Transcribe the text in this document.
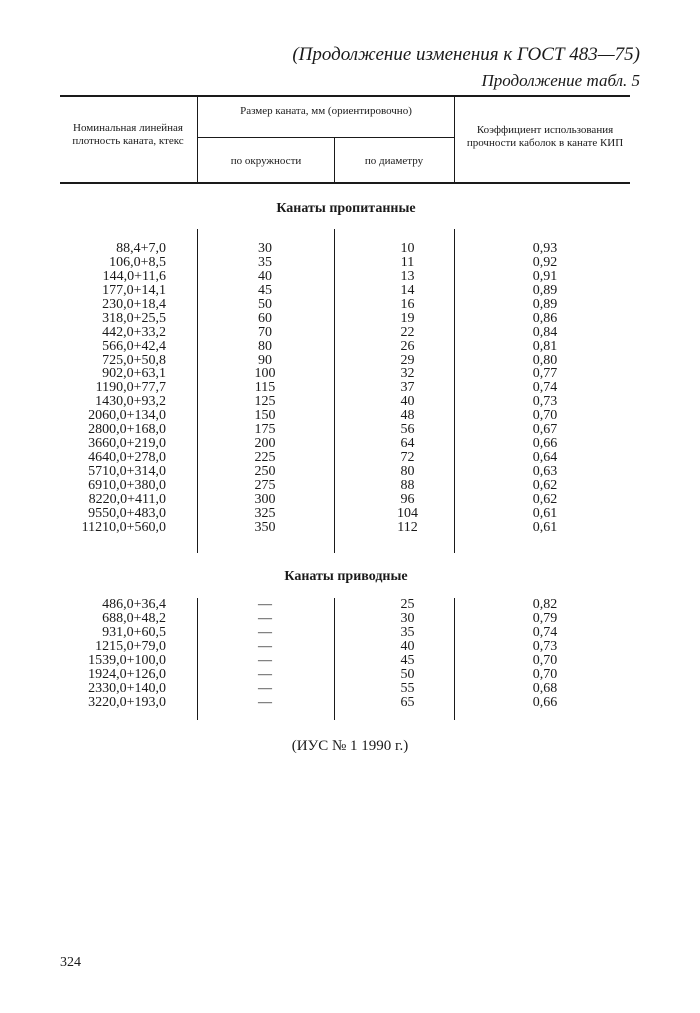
(Продолжение изменения к ГОСТ 483—75)
Продолжение табл. 5
Номинальная линейная плотность каната, ктекс
Размер каната, мм (ориентировочно)
по окружности	по диаметру
Коэффициент использования прочности каболок в канате КИП
Канаты пропитанные
88,4+7,0
106,0+8,5
144,0+11,6
177,0+14,1
230,0+18,4
318,0+25,5
442,0+33,2
566,0+42,4
725,0+50,8
902,0+63,1
1190,0+77,7
1430,0+93,2
2060,0+134,0
2800,0+168,0
3660,0+219,0
4640,0+278,0
5710,0+314,0
6910,0+380,0
8220,0+411,0
9550,0+483,0
11210,0+560,0
30
35
40
45
50
60
70
80
90
100
115
125
150
175
200
225
250
275
300
325
350
10
11
13
14
16
19
22
26
29
32
37
40
48
56
64
72
80
88
96
104
112
0,93
0,92
0,91
0,89
0,89
0,86
0,84
0,81
0,80
0,77
0,74
0,73
0,70
0,67
0,66
0,64
0,63
0,62
0,62
0,61
0,61
Канаты приводные
486,0+36,4
688,0+48,2
931,0+60,5
1215,0+79,0
1539,0+100,0
1924,0+126,0
2330,0+140,0
3220,0+193,0
—
—
—
—
—
—
—
—
25
30
35
40
45
50
55
65
0,82
0,79
0,74
0,73
0,70
0,70
0,68
0,66
(ИУС № 1 1990 г.)
324
